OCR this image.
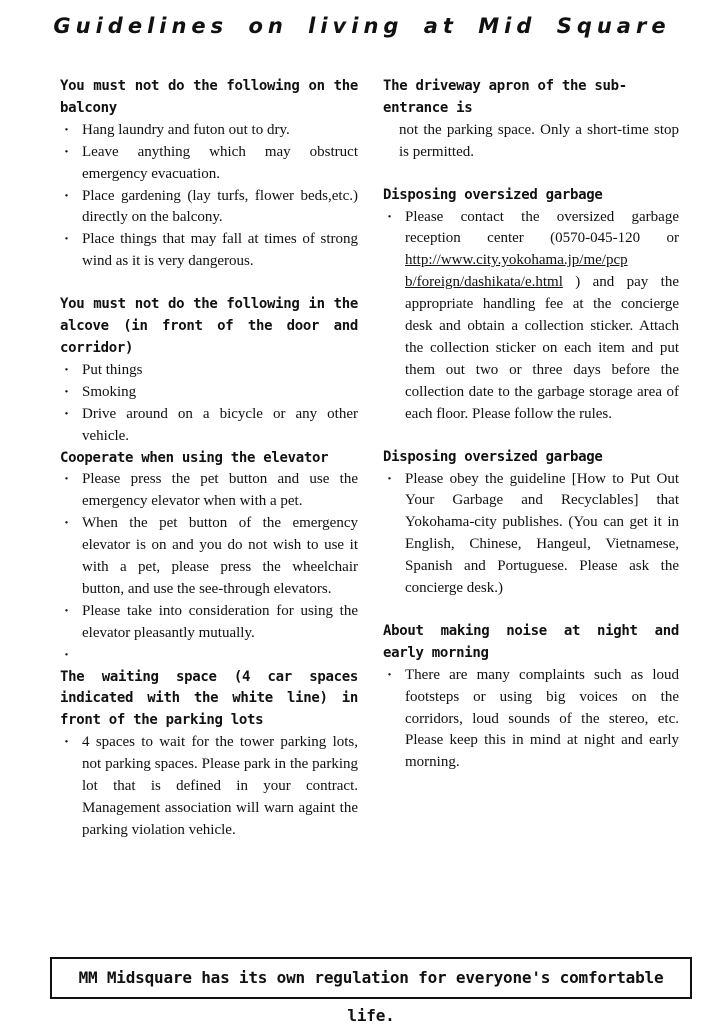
Guidelines on living at Mid Square

You must not do the following on the balcony

· Hang laundry and futon out to dry.
· Leave anything which may obstruct emergency evacuation.
· Place gardening (lay turfs, flower beds,etc.) directly on the balcony.
· Place things that may fall at times of strong wind as it is very dangerous.

You must not do the following in the alcove (in front of the door and corridor)

· Put things
· Smoking
· Drive around on a bicycle or any other vehicle.

Cooperate when using the elevator

· Please press the pet button and use the emergency elevator when with a pet.
· When the pet button of the emergency elevator is on and you do not wish to use it with a pet, please press the wheelchair button, and use the see-through elevators.
· Please take into consideration for using the elevator pleasantly mutually.
·

The waiting space (4 car spaces indicated with the white line) in front of the parking lots

· 4 spaces to wait for the tower parking lots, not parking spaces. Please park in the parking lot that is defined in your contract. Management association will warn againt the parking violation vehicle.

The driveway apron of the sub-entrance is

not the parking space. Only a short-time stop is permitted.

Disposing oversized garbage

· Please contact the oversized garbage reception center (0570-045-120 or http://www.city.yokohama.jp/me/pcp b/foreign/dashikata/e.html ) and pay the appropriate handling fee at the concierge desk and obtain a collection sticker. Attach the collection sticker on each item and put them out two or three days before the collection date to the garbage storage area of each floor. Please follow the rules.

Disposing oversized garbage

· Please obey the guideline [How to Put Out Your Garbage and Recyclables] that Yokohama-city publishes. (You can get it in English, Chinese, Hangeul, Vietnamese, Spanish and Portuguese. Please ask the concierge desk.)

About making noise at night and early morning

· There are many complaints such as loud footsteps or using big voices on the corridors, loud sounds of the stereo, etc. Please keep this in mind at night and early morning.
MM Midsquare has its own regulation for everyone's comfortable life.
